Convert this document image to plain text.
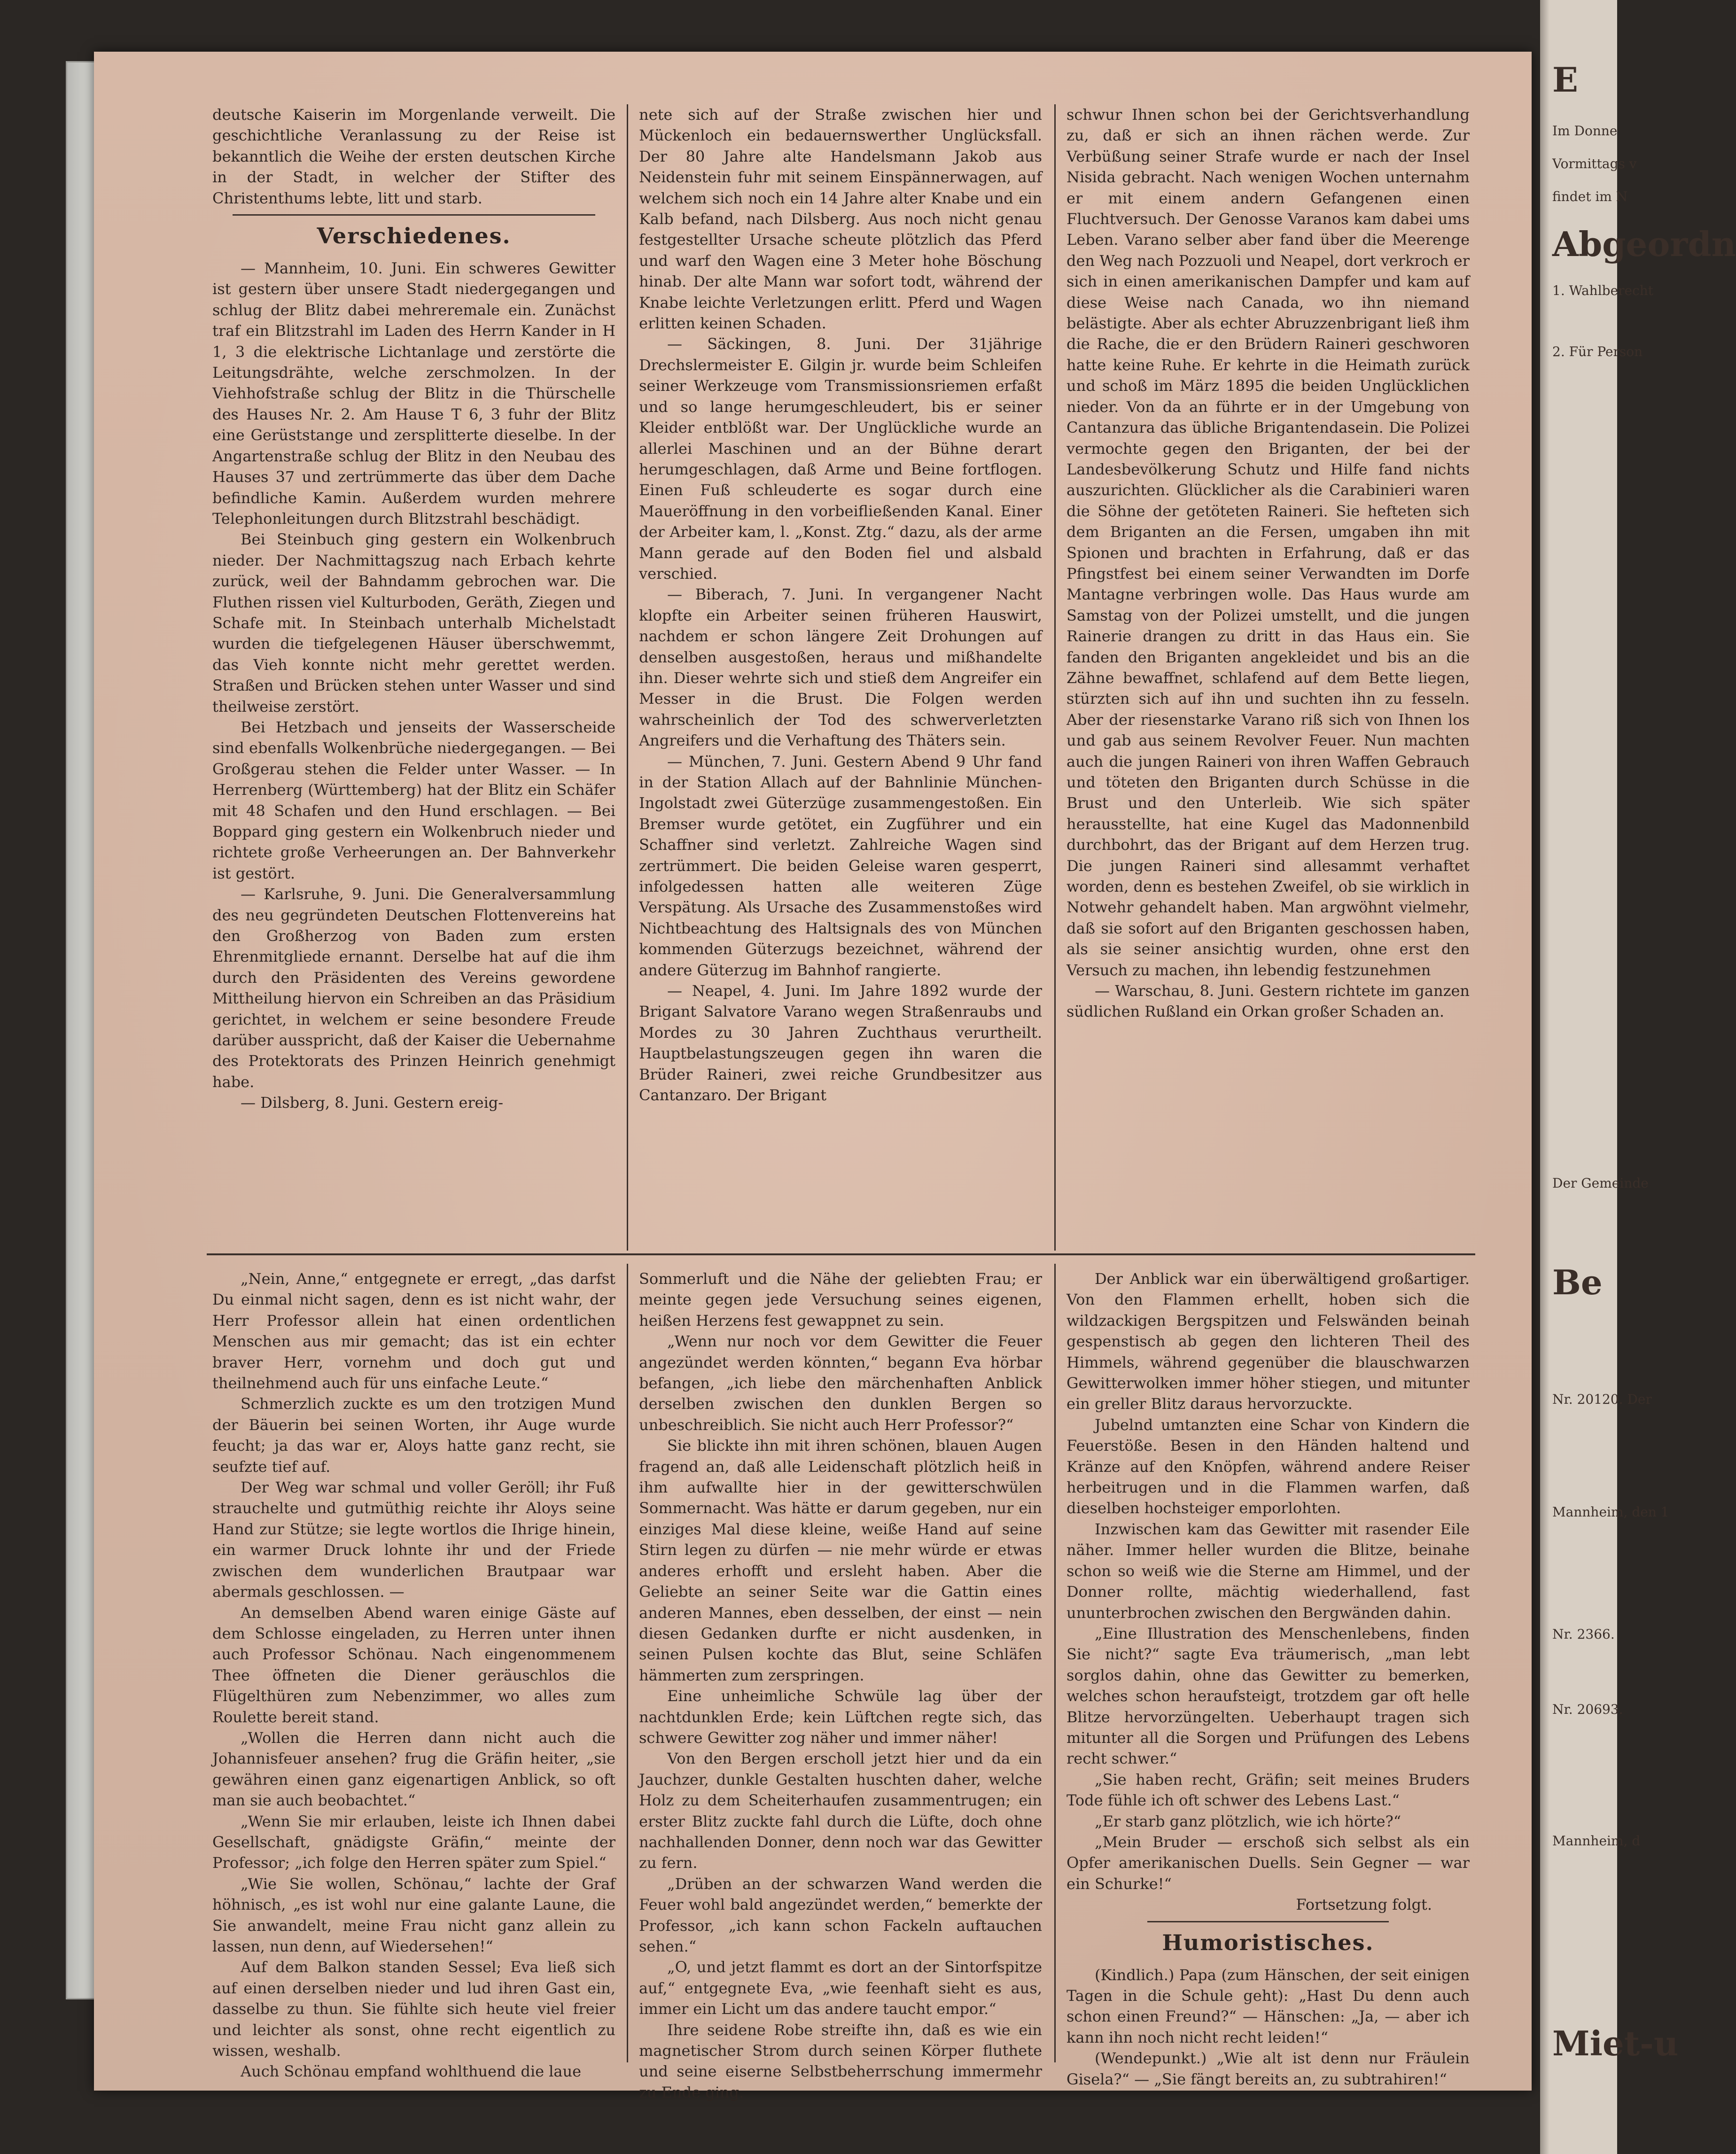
deutsche Kaiserin im Morgenlande verweilt. Die geschichtliche Veranlassung zu der Reise ist bekanntlich die Weihe der ersten deutschen Kirche in der Stadt, in welcher der Stifter des Christenthums lebte, litt und starb.

Verschiedenes.

— Mannheim, 10. Juni. Ein schweres Gewitter ist gestern über unsere Stadt niedergegangen und schlug der Blitz dabei mehreremale ein. Zunächst traf ein Blitzstrahl im Laden des Herrn Kander in H 1, 3 die elektrische Lichtanlage und zerstörte die Leitungsdrähte, welche zerschmolzen. In der Viehhofstraße schlug der Blitz in die Thürschelle des Hauses Nr. 2. Am Hause T 6, 3 fuhr der Blitz eine Gerüststange und zersplitterte dieselbe. In der Angartenstraße schlug der Blitz in den Neubau des Hauses 37 und zertrümmerte das über dem Dache befindliche Kamin. Außerdem wurden mehrere Telephonleitungen durch Blitzstrahl beschädigt.

Bei Steinbuch ging gestern ein Wolkenbruch nieder. Der Nachmittagszug nach Erbach kehrte zurück, weil der Bahndamm gebrochen war. Die Fluthen rissen viel Kulturboden, Geräth, Ziegen und Schafe mit. In Steinbach unterhalb Michelstadt wurden die tiefgelegenen Häuser überschwemmt, das Vieh konnte nicht mehr gerettet werden. Straßen und Brücken stehen unter Wasser und sind theilweise zerstört.

Bei Hetzbach und jenseits der Wasserscheide sind ebenfalls Wolkenbrüche niedergegangen. — Bei Großgerau stehen die Felder unter Wasser. — In Herrenberg (Württemberg) hat der Blitz ein Schäfer mit 48 Schafen und den Hund erschlagen. — Bei Boppard ging gestern ein Wolkenbruch nieder und richtete große Verheerungen an. Der Bahnverkehr ist gestört.

— Karlsruhe, 9. Juni. Die Generalversammlung des neu gegründeten Deutschen Flottenvereins hat den Großherzog von Baden zum ersten Ehrenmitgliede ernannt. Derselbe hat auf die ihm durch den Präsidenten des Vereins gewordene Mittheilung hiervon ein Schreiben an das Präsidium gerichtet, in welchem er seine besondere Freude darüber ausspricht, daß der Kaiser die Uebernahme des Protektorats des Prinzen Heinrich genehmigt habe.

— Dilsberg, 8. Juni. Gestern ereig-

nete sich auf der Straße zwischen hier und Mückenloch ein bedauernswerther Unglücksfall. Der 80 Jahre alte Handelsmann Jakob aus Neidenstein fuhr mit seinem Einspännerwagen, auf welchem sich noch ein 14 Jahre alter Knabe und ein Kalb befand, nach Dilsberg. Aus noch nicht genau festgestellter Ursache scheute plötzlich das Pferd und warf den Wagen eine 3 Meter hohe Böschung hinab. Der alte Mann war sofort todt, während der Knabe leichte Verletzungen erlitt. Pferd und Wagen erlitten keinen Schaden.

— Säckingen, 8. Juni. Der 31jährige Drechslermeister E. Gilgin jr. wurde beim Schleifen seiner Werkzeuge vom Transmissionsriemen erfaßt und so lange herumgeschleudert, bis er seiner Kleider entblößt war. Der Unglückliche wurde an allerlei Maschinen und an der Bühne derart herumgeschlagen, daß Arme und Beine fortflogen. Einen Fuß schleuderte es sogar durch eine Maueröffnung in den vorbeifließenden Kanal. Einer der Arbeiter kam, l. „Konst. Ztg.“ dazu, als der arme Mann gerade auf den Boden fiel und alsbald verschied.

— Biberach, 7. Juni. In vergangener Nacht klopfte ein Arbeiter seinen früheren Hauswirt, nachdem er schon längere Zeit Drohungen auf denselben ausgestoßen, heraus und mißhandelte ihn. Dieser wehrte sich und stieß dem Angreifer ein Messer in die Brust. Die Folgen werden wahrscheinlich der Tod des schwerverletzten Angreifers und die Verhaftung des Thäters sein.

— München, 7. Juni. Gestern Abend 9 Uhr fand in der Station Allach auf der Bahnlinie München-Ingolstadt zwei Güterzüge zusammengestoßen. Ein Bremser wurde getötet, ein Zugführer und ein Schaffner sind verletzt. Zahlreiche Wagen sind zertrümmert. Die beiden Geleise waren gesperrt, infolgedessen hatten alle weiteren Züge Verspätung. Als Ursache des Zusammenstoßes wird Nichtbeachtung des Haltsignals des von München kommenden Güterzugs bezeichnet, während der andere Güterzug im Bahnhof rangierte.

— Neapel, 4. Juni. Im Jahre 1892 wurde der Brigant Salvatore Varano wegen Straßenraubs und Mordes zu 30 Jahren Zuchthaus verurtheilt. Hauptbelastungszeugen gegen ihn waren die Brüder Raineri, zwei reiche Grundbesitzer aus Cantanzaro. Der Brigant

schwur Ihnen schon bei der Gerichtsverhandlung zu, daß er sich an ihnen rächen werde. Zur Verbüßung seiner Strafe wurde er nach der Insel Nisida gebracht. Nach wenigen Wochen unternahm er mit einem andern Gefangenen einen Fluchtversuch. Der Genosse Varanos kam dabei ums Leben. Varano selber aber fand über die Meerenge den Weg nach Pozzuoli und Neapel, dort verkroch er sich in einen amerikanischen Dampfer und kam auf diese Weise nach Canada, wo ihn niemand belästigte. Aber als echter Abruzzenbrigant ließ ihm die Rache, die er den Brüdern Raineri geschworen hatte keine Ruhe. Er kehrte in die Heimath zurück und schoß im März 1895 die beiden Unglücklichen nieder. Von da an führte er in der Umgebung von Cantanzura das übliche Brigantendasein. Die Polizei vermochte gegen den Briganten, der bei der Landesbevölkerung Schutz und Hilfe fand nichts auszurichten. Glücklicher als die Carabinieri waren die Söhne der getöteten Raineri. Sie hefteten sich dem Briganten an die Fersen, umgaben ihn mit Spionen und brachten in Erfahrung, daß er das Pfingstfest bei einem seiner Verwandten im Dorfe Mantagne verbringen wolle. Das Haus wurde am Samstag von der Polizei umstellt, und die jungen Rainerie drangen zu dritt in das Haus ein. Sie fanden den Briganten angekleidet und bis an die Zähne bewaffnet, schlafend auf dem Bette liegen, stürzten sich auf ihn und suchten ihn zu fesseln. Aber der riesenstarke Varano riß sich von Ihnen los und gab aus seinem Revolver Feuer. Nun machten auch die jungen Raineri von ihren Waffen Gebrauch und töteten den Briganten durch Schüsse in die Brust und den Unterleib. Wie sich später herausstellte, hat eine Kugel das Madonnenbild durchbohrt, das der Brigant auf dem Herzen trug. Die jungen Raineri sind allesammt verhaftet worden, denn es bestehen Zweifel, ob sie wirklich in Notwehr gehandelt haben. Man argwöhnt vielmehr, daß sie sofort auf den Briganten geschossen haben, als sie seiner ansichtig wurden, ohne erst den Versuch zu machen, ihn lebendig festzunehmen

— Warschau, 8. Juni. Gestern richtete im ganzen südlichen Rußland ein Orkan großer Schaden an.

„Nein, Anne,“ entgegnete er erregt, „das darfst Du einmal nicht sagen, denn es ist nicht wahr, der Herr Professor allein hat einen ordentlichen Menschen aus mir gemacht; das ist ein echter braver Herr, vornehm und doch gut und theilnehmend auch für uns einfache Leute.“

Schmerzlich zuckte es um den trotzigen Mund der Bäuerin bei seinen Worten, ihr Auge wurde feucht; ja das war er, Aloys hatte ganz recht, sie seufzte tief auf.

Der Weg war schmal und voller Geröll; ihr Fuß strauchelte und gutmüthig reichte ihr Aloys seine Hand zur Stütze; sie legte wortlos die Ihrige hinein, ein warmer Druck lohnte ihr und der Friede zwischen dem wunderlichen Brautpaar war abermals geschlossen. —

An demselben Abend waren einige Gäste auf dem Schlosse eingeladen, zu Herren unter ihnen auch Professor Schönau. Nach eingenommenem Thee öffneten die Diener geräuschlos die Flügelthüren zum Nebenzimmer, wo alles zum Roulette bereit stand.

„Wollen die Herren dann nicht auch die Johannisfeuer ansehen? frug die Gräfin heiter, „sie gewähren einen ganz eigenartigen Anblick, so oft man sie auch beobachtet.“

„Wenn Sie mir erlauben, leiste ich Ihnen dabei Gesellschaft, gnädigste Gräfin,“ meinte der Professor; „ich folge den Herren später zum Spiel.“

„Wie Sie wollen, Schönau,“ lachte der Graf höhnisch, „es ist wohl nur eine galante Laune, die Sie anwandelt, meine Frau nicht ganz allein zu lassen, nun denn, auf Wiedersehen!“

Auf dem Balkon standen Sessel; Eva ließ sich auf einen derselben nieder und lud ihren Gast ein, dasselbe zu thun. Sie fühlte sich heute viel freier und leichter als sonst, ohne recht eigentlich zu wissen, weshalb.

Auch Schönau empfand wohlthuend die laue

Sommerluft und die Nähe der geliebten Frau; er meinte gegen jede Versuchung seines eigenen, heißen Herzens fest gewappnet zu sein.

„Wenn nur noch vor dem Gewitter die Feuer angezündet werden könnten,“ begann Eva hörbar befangen, „ich liebe den märchenhaften Anblick derselben zwischen den dunklen Bergen so unbeschreiblich. Sie nicht auch Herr Professor?“

Sie blickte ihn mit ihren schönen, blauen Augen fragend an, daß alle Leidenschaft plötzlich heiß in ihm aufwallte hier in der gewitterschwülen Sommernacht. Was hätte er darum gegeben, nur ein einziges Mal diese kleine, weiße Hand auf seine Stirn legen zu dürfen — nie mehr würde er etwas anderes erhofft und ersleht haben. Aber die Geliebte an seiner Seite war die Gattin eines anderen Mannes, eben desselben, der einst — nein diesen Gedanken durfte er nicht ausdenken, in seinen Pulsen kochte das Blut, seine Schläfen hämmerten zum zerspringen.

Eine unheimliche Schwüle lag über der nachtdunklen Erde; kein Lüftchen regte sich, das schwere Gewitter zog näher und immer näher!

Von den Bergen erscholl jetzt hier und da ein Jauchzer, dunkle Gestalten huschten daher, welche Holz zu dem Scheiterhaufen zusammentrugen; ein erster Blitz zuckte fahl durch die Lüfte, doch ohne nachhallenden Donner, denn noch war das Gewitter zu fern.

„Drüben an der schwarzen Wand werden die Feuer wohl bald angezündet werden,“ bemerkte der Professor, „ich kann schon Fackeln auftauchen sehen.“

„O, und jetzt flammt es dort an der Sintorfspitze auf,“ entgegnete Eva, „wie feenhaft sieht es aus, immer ein Licht um das andere taucht empor.“

Ihre seidene Robe streifte ihn, daß es wie ein magnetischer Strom durch seinen Körper fluthete und seine eiserne Selbstbeherrschung immermehr zu Ende ging.

Der Anblick war ein überwältigend großartiger. Von den Flammen erhellt, hoben sich die wildzackigen Bergspitzen und Felswänden beinah gespenstisch ab gegen den lichteren Theil des Himmels, während gegenüber die blauschwarzen Gewitterwolken immer höher stiegen, und mitunter ein greller Blitz daraus hervorzuckte.

Jubelnd umtanzten eine Schar von Kindern die Feuerstöße. Besen in den Händen haltend und Kränze auf den Knöpfen, während andere Reiser herbeitrugen und in die Flammen warfen, daß dieselben hochsteiger emporlohten.

Inzwischen kam das Gewitter mit rasender Eile näher. Immer heller wurden die Blitze, beinahe schon so weiß wie die Sterne am Himmel, und der Donner rollte, mächtig wiederhallend, fast ununterbrochen zwischen den Bergwänden dahin.

„Eine Illustration des Menschenlebens, finden Sie nicht?“ sagte Eva träumerisch, „man lebt sorglos dahin, ohne das Gewitter zu bemerken, welches schon heraufsteigt, trotzdem gar oft helle Blitze hervorzüngelten. Ueberhaupt tragen sich mitunter all die Sorgen und Prüfungen des Lebens recht schwer.“

„Sie haben recht, Gräfin; seit meines Bruders Tode fühle ich oft schwer des Lebens Last.“

„Er starb ganz plötzlich, wie ich hörte?“

„Mein Bruder — erschoß sich selbst als ein Opfer amerikanischen Duells. Sein Gegner — war ein Schurke!“

Fortsetzung folgt.

Humoristisches.

(Kindlich.) Papa (zum Hänschen, der seit einigen Tagen in die Schule geht): „Hast Du denn auch schon einen Freund?“ — Hänschen: „Ja, — aber ich kann ihn noch nicht recht leiden!“

(Wendepunkt.) „Wie alt ist denn nur Fräulein Gisela?“ — „Sie fängt bereits an, zu subtrahiren!“

E
Im Donne
Vormittags v
findet im N
Abgeordn
1. Wahlberecht
2. Für Person
Der Gemeinde
Be
Nr. 20120. Der
Mannheim, den 1
Nr. 2366.
Nr. 20693.
Mannheim, d
Miet-u
